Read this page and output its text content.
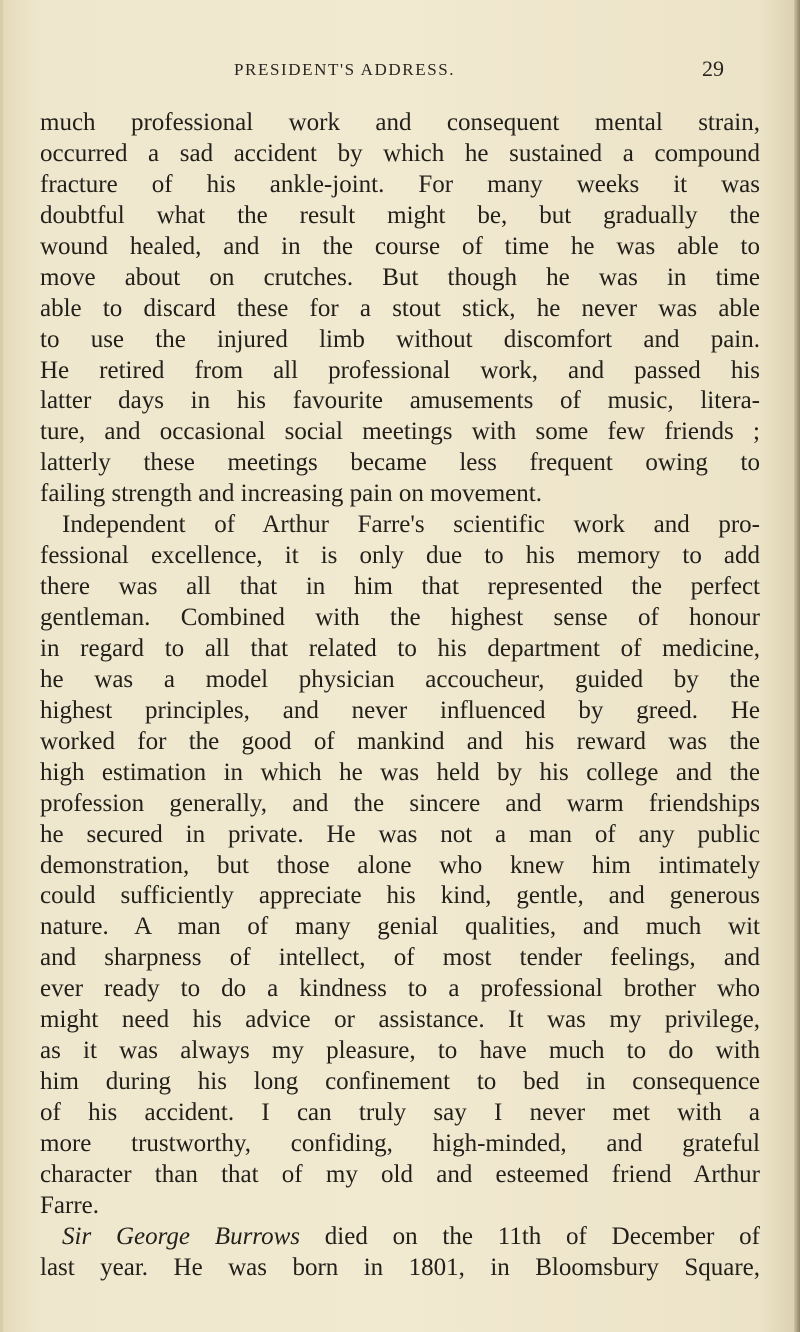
PRESIDENT'S ADDRESS.	29
much professional work and consequent mental strain,
occurred a sad accident by which he sustained a compound
fracture of his ankle-joint. For many weeks it was
doubtful what the result might be, but gradually the
wound healed, and in the course of time he was able to
move about on crutches. But though he was in time
able to discard these for a stout stick, he never was able
to use the injured limb without discomfort and pain.
He retired from all professional work, and passed his
latter days in his favourite amusements of music, litera-
ture, and occasional social meetings with some few friends ;
latterly these meetings became less frequent owing to
failing strength and increasing pain on movement.
Independent of Arthur Farre's scientific work and pro-
fessional excellence, it is only due to his memory to add
there was all that in him that represented the perfect
gentleman. Combined with the highest sense of honour
in regard to all that related to his department of medicine,
he was a model physician accoucheur, guided by the
highest principles, and never influenced by greed. He
worked for the good of mankind and his reward was the
high estimation in which he was held by his college and the
profession generally, and the sincere and warm friendships
he secured in private. He was not a man of any public
demonstration, but those alone who knew him intimately
could sufficiently appreciate his kind, gentle, and generous
nature. A man of many genial qualities, and much wit
and sharpness of intellect, of most tender feelings, and
ever ready to do a kindness to a professional brother who
might need his advice or assistance. It was my privilege,
as it was always my pleasure, to have much to do with
him during his long confinement to bed in consequence
of his accident. I can truly say I never met with a
more trustworthy, confiding, high-minded, and grateful
character than that of my old and esteemed friend Arthur
Farre.
Sir George Burrows died on the 11th of December of
last year. He was born in 1801, in Bloomsbury Square,
